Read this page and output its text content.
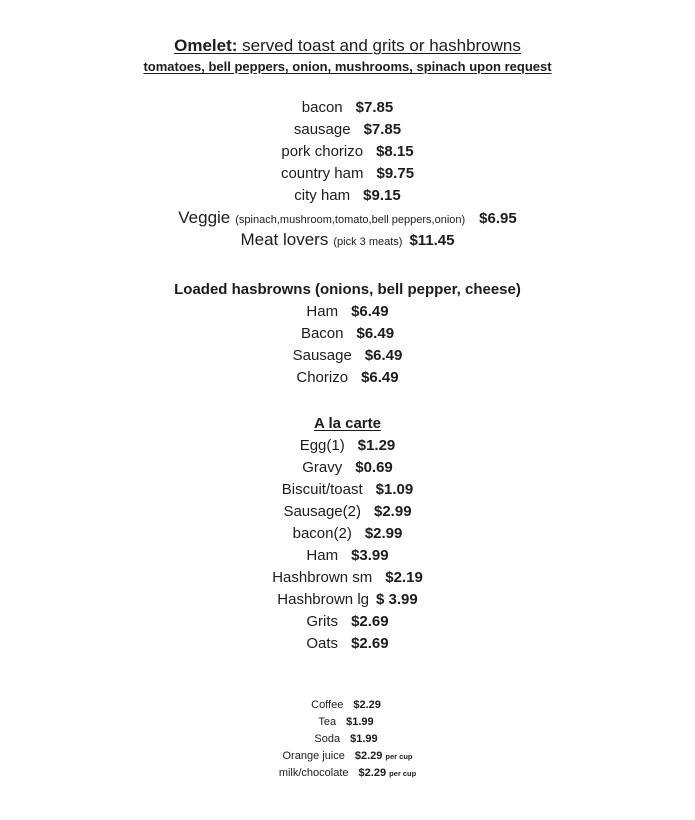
Omelet: served toast and grits or hashbrowns
tomatoes, bell peppers, onion, mushrooms, spinach upon request
bacon $7.85
sausage $7.85
pork chorizo $8.15
country ham $9.75
city ham $9.15
Veggie (spinach,mushroom,tomato,bell peppers,onion) $6.95
Meat lovers (pick 3 meats) $11.45
Loaded hasbrowns (onions, bell pepper, cheese)
Ham $6.49
Bacon $6.49
Sausage $6.49
Chorizo $6.49
A la carte
Egg(1) $1.29
Gravy $0.69
Biscuit/toast $1.09
Sausage(2) $2.99
bacon(2) $2.99
Ham $3.99
Hashbrown sm $2.19
Hashbrown lg $ 3.99
Grits $2.69
Oats $2.69
Coffee $2.29
Tea $1.99
Soda $1.99
Orange juice $2.29 per cup
milk/chocolate $2.29 per cup
